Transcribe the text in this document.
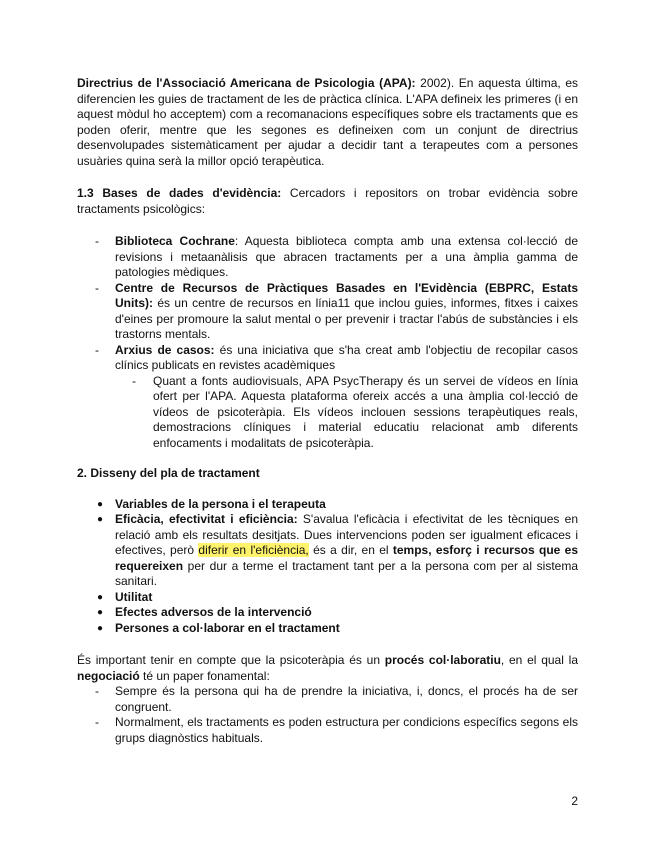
Directrius de l'Associació Americana de Psicologia (APA): 2002). En aquesta última, es diferencien les guies de tractament de les de pràctica clínica. L'APA defineix les primeres (i en aquest mòdul ho acceptem) com a recomanacions específiques sobre els tractaments que es poden oferir, mentre que les segones es defineixen com un conjunt de directrius desenvolupades sistemàticament per ajudar a decidir tant a terapeutes com a persones usuàries quina serà la millor opció terapèutica.

1.3 Bases de dades d'evidència: Cercadors i repositors on trobar evidència sobre tractaments psicològics:

- Biblioteca Cochrane: Aquesta biblioteca compta amb una extensa col·lecció de revisions i metaanàlisis que abracen tractaments per a una àmplia gamma de patologies mèdiques.
- Centre de Recursos de Pràctiques Basades en l'Evidència (EBPRC, Estats Units): és un centre de recursos en línia11 que inclou guies, informes, fitxes i caixes d'eines per promoure la salut mental o per prevenir i tractar l'abús de substàncies i els trastorns mentals.
- Arxius de casos: és una iniciativa que s'ha creat amb l'objectiu de recopilar casos clínics publicats en revistes acadèmiques
- Quant a fonts audiovisuals, APA PsycTherapy és un servei de vídeos en línia ofert per l'APA. Aquesta plataforma ofereix accés a una àmplia col·lecció de vídeos de psicoteràpia. Els vídeos inclouen sessions terapèutiques reals, demostracions clíniques i material educatiu relacionat amb diferents enfocaments i modalitats de psicoteràpia.

2. Disseny del pla de tractament

● Variables de la persona i el terapeuta
● Eficàcia, efectivitat i eficiència: S'avalua l'eficàcia i efectivitat de les tècniques en relació amb els resultats desitjats. Dues intervencions poden ser igualment eficaces i efectives, però diferir en l'eficiència, és a dir, en el temps, esforç i recursos que es requereixen per dur a terme el tractament tant per a la persona com per al sistema sanitari.
● Utilitat
● Efectes adversos de la intervenció
● Persones a col·laborar en el tractament

És important tenir en compte que la psicoteràpia és un procés col·laboratiu, en el qual la negociació té un paper fonamental:

- Sempre és la persona qui ha de prendre la iniciativa, i, doncs, el procés ha de ser congruent.
- Normalment, els tractaments es poden estructura per condicions específics segons els grups diagnòstics habituals.
2
